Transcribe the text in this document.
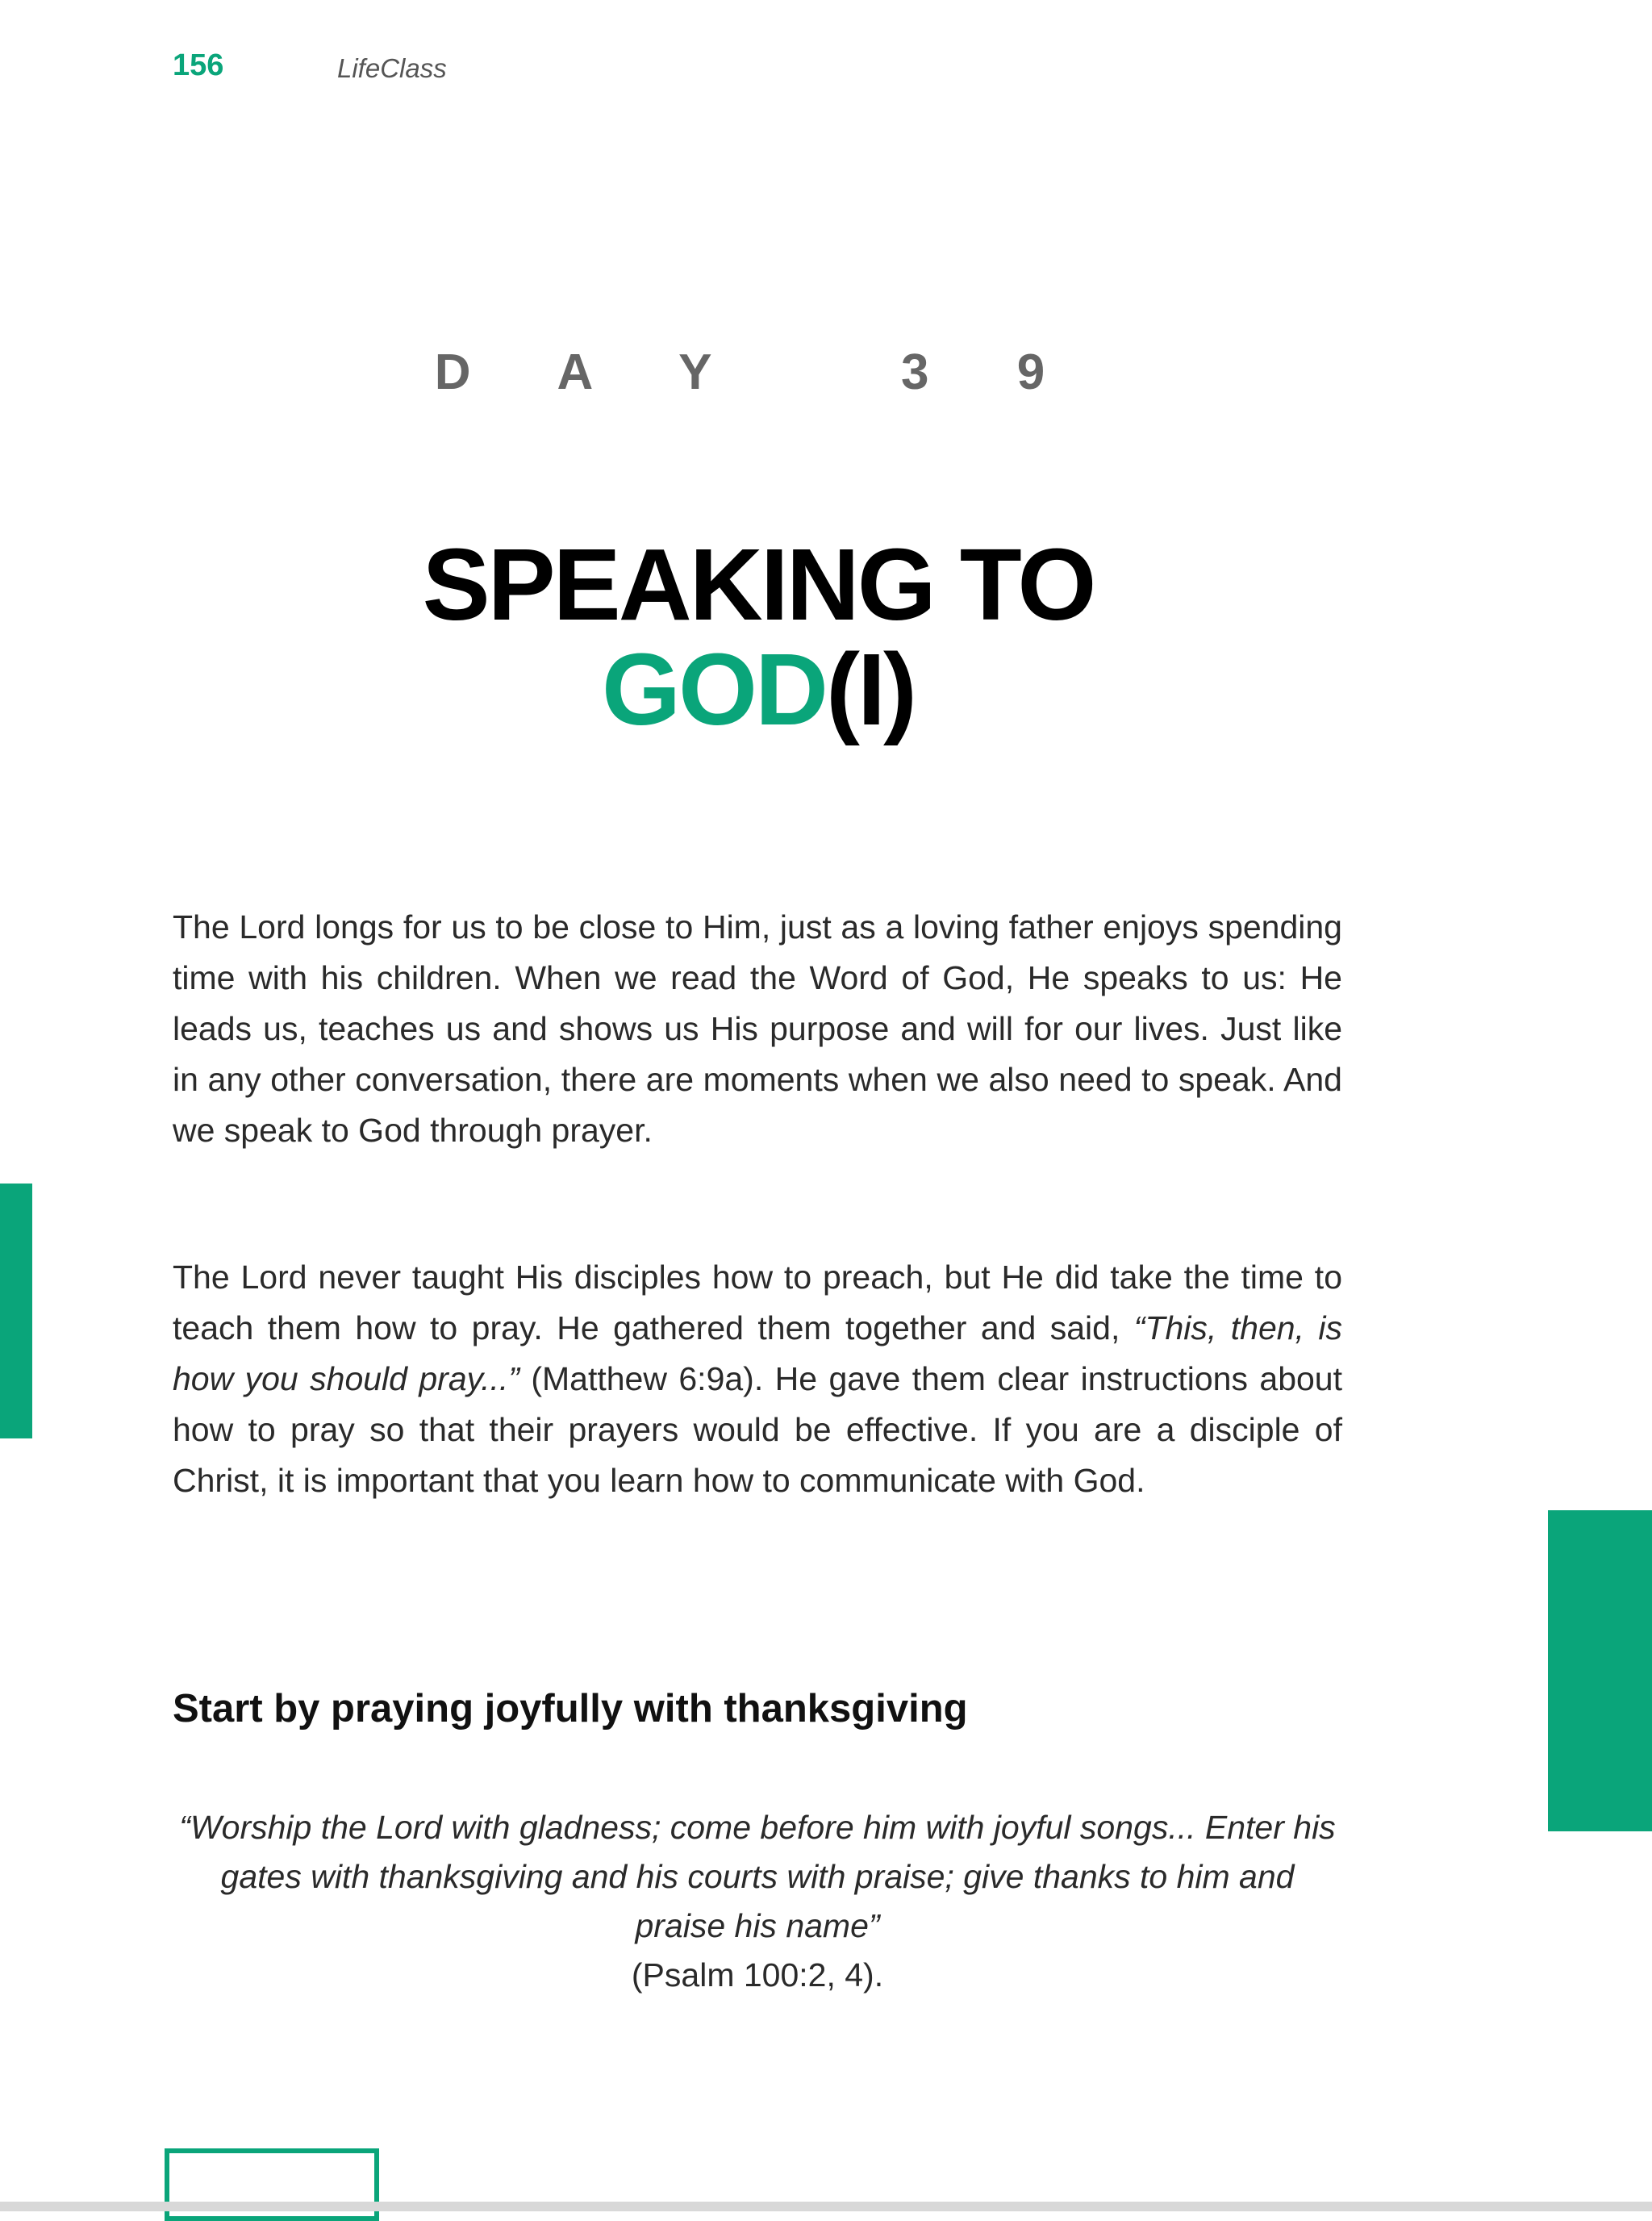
156	LifeClass
D A Y   3 9
SPEAKING TO
GOD(I)

The Lord longs for us to be close to Him, just as a loving father enjoys spending time with his children. When we read the Word of God, He speaks to us: He leads us, teaches us and shows us His purpose and will for our lives. Just like in any other conversation, there are moments when we also need to speak. And we speak to God through prayer.

The Lord never taught His disciples how to preach, but He did take the time to teach them how to pray. He gathered them together and said, “This, then, is how you should pray...” (Matthew 6:9a). He gave them clear instructions about how to pray so that their prayers would be effective. If you are a disciple of Christ, it is important that you learn how to communicate with God.

Start by praying joyfully with thanksgiving

“Worship the Lord with gladness; come before him with joyful songs... Enter his gates with thanksgiving and his courts with praise; give thanks to him and praise his name”
(Psalm 100:2, 4).
